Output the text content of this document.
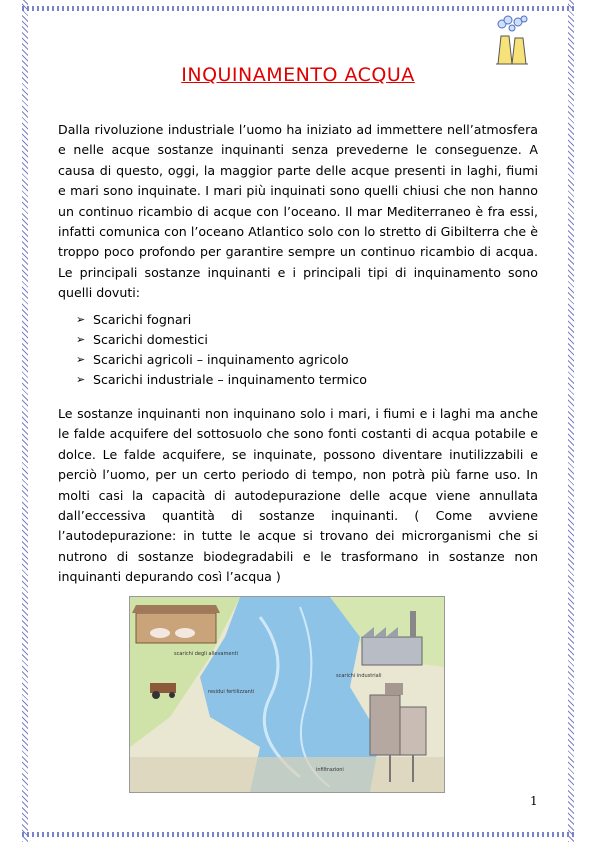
INQUINAMENTO ACQUA

Dalla rivoluzione industriale l’uomo ha iniziato ad immettere nell’atmosfera e nelle acque sostanze inquinanti senza prevederne le conseguenze. A causa di questo, oggi, la maggior parte delle acque presenti in laghi, fiumi e mari sono inquinate. I mari più inquinati sono quelli chiusi che non hanno un continuo ricambio di acque con l’oceano. Il mar Mediterraneo è fra essi, infatti comunica con l’oceano Atlantico solo con lo stretto di Gibilterra che è troppo poco profondo per garantire sempre un continuo ricambio di acqua. Le principali sostanze inquinanti e i principali tipi di inquinamento sono quelli dovuti:

➢ Scarichi fognari
➢ Scarichi domestici
➢ Scarichi agricoli – inquinamento agricolo
➢ Scarichi industriale – inquinamento termico

Le sostanze inquinanti non inquinano solo i mari, i fiumi e i laghi ma anche le falde acquifere del sottosuolo che sono fonti costanti di acqua potabile e dolce. Le falde acquifere, se inquinate, possono diventare inutilizzabili e perciò l’uomo, per un certo periodo di tempo, non potrà più farne uso. In molti casi la capacità di autodepurazione delle acque viene annullata dall’eccessiva quantità di sostanze inquinanti. ( Come avviene l’autodepurazione: in tutte le acque si trovano dei microrganismi che si nutrono di sostanze biodegradabili e le trasformano in sostanze non inquinanti depurando così l’acqua )

scarichi degli allevamenti
scarichi industriali
residui fertilizzanti
infiltrazioni
1
